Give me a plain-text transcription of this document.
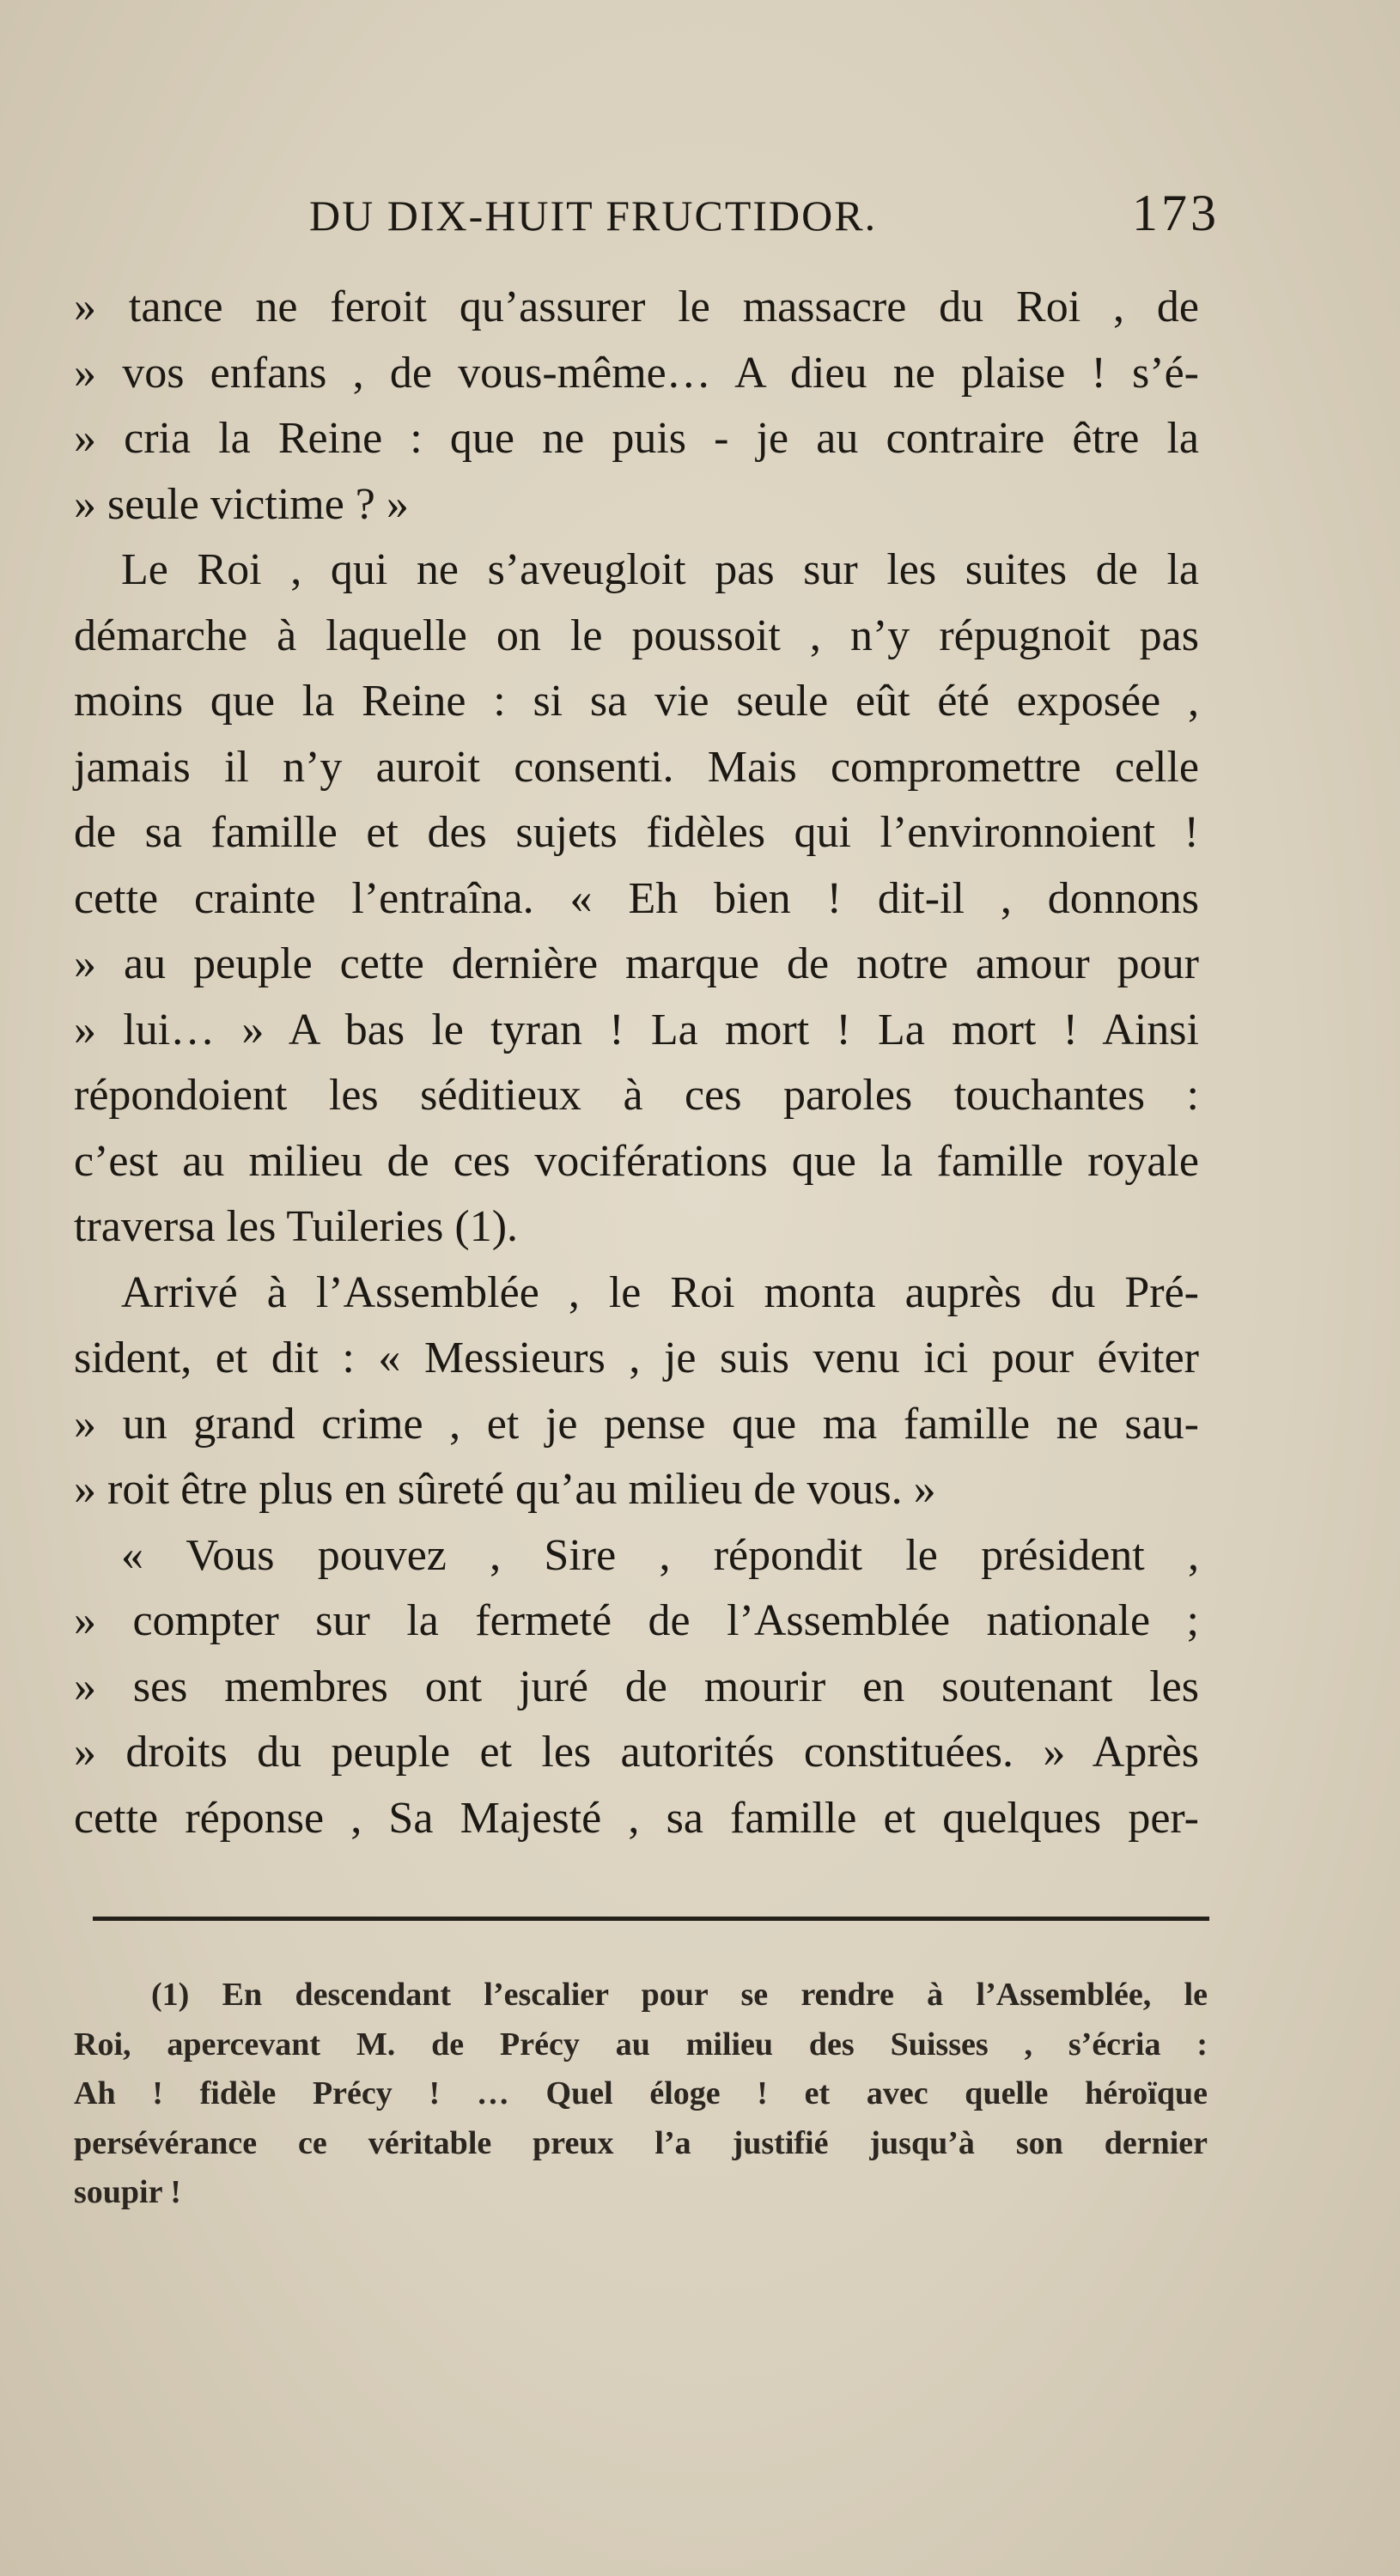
DU DIX-HUIT FRUCTIDOR.	173
» tance ne feroit qu’assurer le massacre du Roi , de
» vos enfans , de vous-même… A dieu ne plaise ! s’é-
» cria la Reine : que ne puis - je au contraire être la
» seule victime ? »
Le Roi , qui ne s’aveugloit pas sur les suites de la
démarche à laquelle on le poussoit , n’y répugnoit pas
moins que la Reine : si sa vie seule eût été exposée ,
jamais il n’y auroit consenti. Mais compromettre celle
de sa famille et des sujets fidèles qui l’environnoient !
cette crainte l’entraîna. « Eh bien ! dit-il , donnons
» au peuple cette dernière marque de notre amour pour
» lui… » A bas le tyran ! La mort ! La mort ! Ainsi
répondoient les séditieux à ces paroles touchantes :
c’est au milieu de ces vociférations que la famille royale
traversa les Tuileries (1).
Arrivé à l’Assemblée , le Roi monta auprès du Pré-
sident, et dit : « Messieurs , je suis venu ici pour éviter
» un grand crime , et je pense que ma famille ne sau-
» roit être plus en sûreté qu’au milieu de vous. »
« Vous pouvez , Sire , répondit le président ,
» compter sur la fermeté de l’Assemblée nationale ;
» ses membres ont juré de mourir en soutenant les
» droits du peuple et les autorités constituées. » Après
cette réponse , Sa Majesté , sa famille et quelques per-
(1) En descendant l’escalier pour se rendre à l’Assemblée, le
Roi, apercevant M. de Précy au milieu des Suisses , s’écria :
Ah ! fidèle Précy ! … Quel éloge ! et avec quelle héroïque
persévérance ce véritable preux l’a justifié jusqu’à son dernier
soupir !
